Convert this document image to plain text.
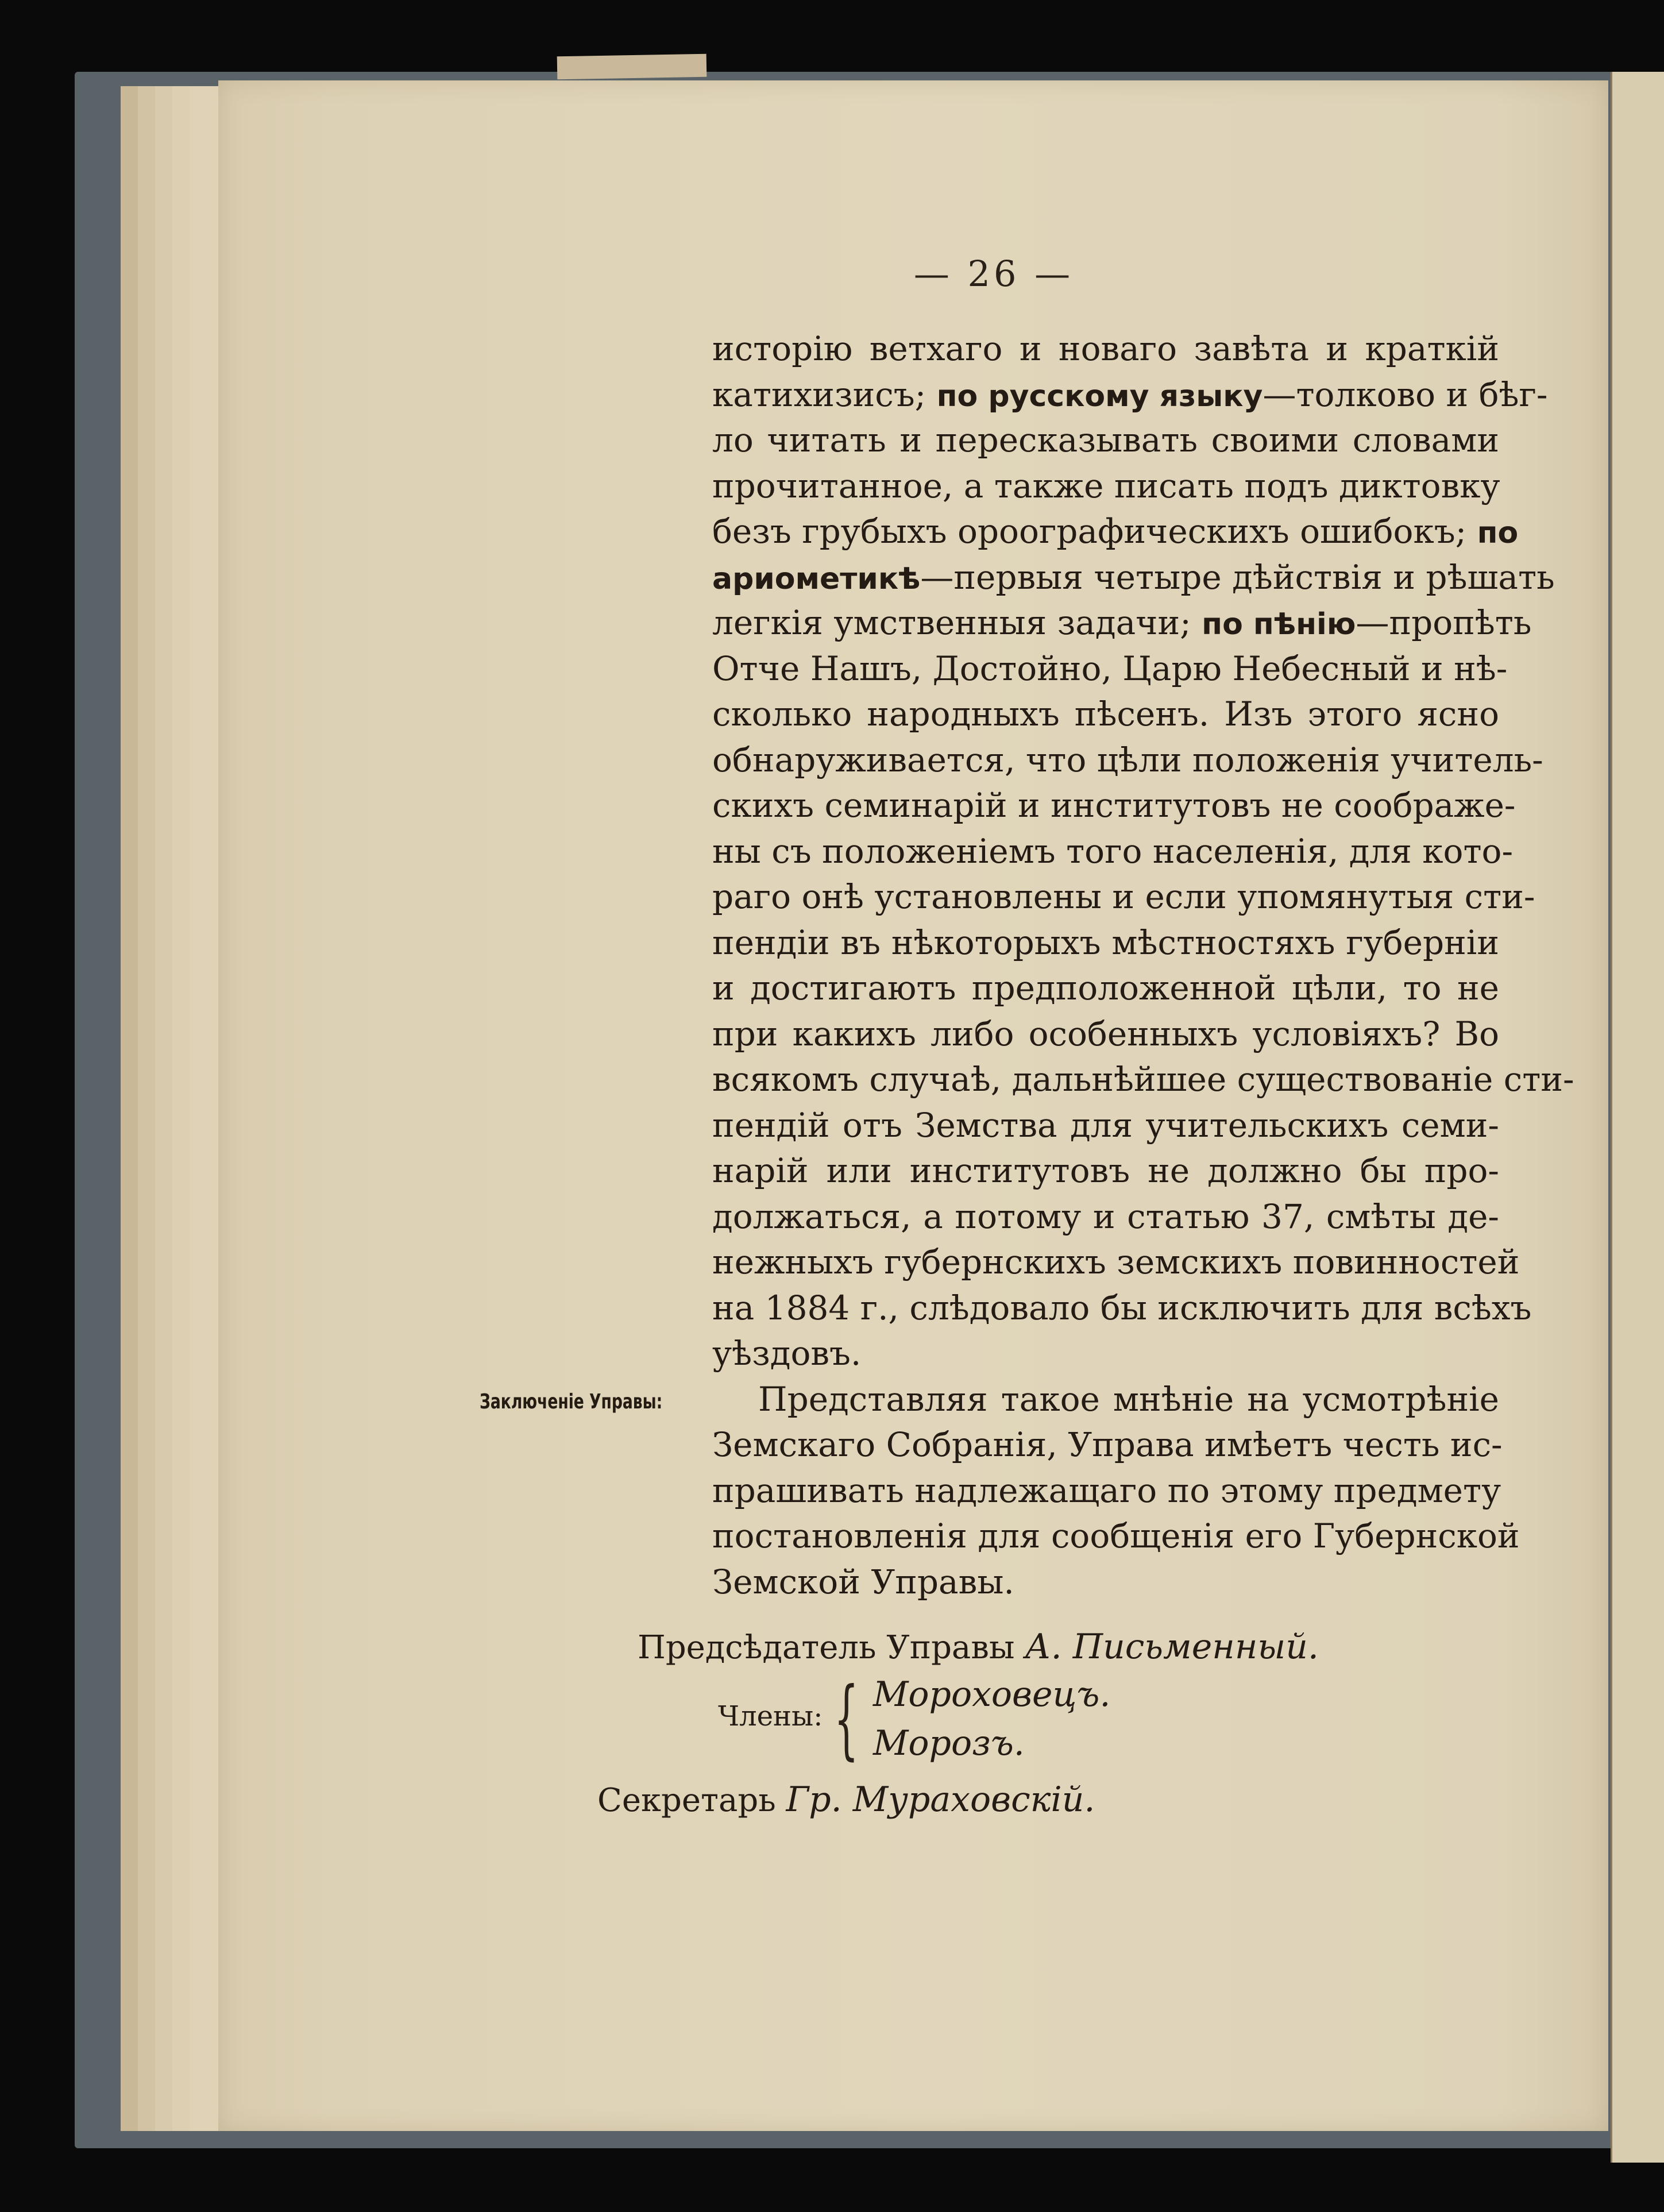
— 26 —
исторію ветхаго и новаго завѣта и краткій
катихизисъ; по русскому языку—толково и бѣг-
ло читать и пересказывать своими словами
прочитанное, а также писать подъ диктовку
безъ грубыхъ ороографическихъ ошибокъ; по
ариометикѣ—первыя четыре дѣйствія и рѣшать
легкія умственныя задачи; по пѣнію—пропѣть
Отче Нашъ, Достойно, Царю Небесный и нѣ-
сколько народныхъ пѣсенъ. Изъ этого ясно
обнаруживается, что цѣли положенія учитель-
скихъ семинарій и институтовъ не соображе-
ны съ положеніемъ того населенія, для кото-
раго онѣ установлены и если упомянутыя сти-
пендіи въ нѣкоторыхъ мѣстностяхъ губерніи
и достигаютъ предположенной цѣли, то не
при какихъ либо особенныхъ условіяхъ? Во
всякомъ случаѣ, дальнѣйшее существованіе сти-
пендій отъ Земства для учительскихъ семи-
нарій или институтовъ не должно бы про-
должаться, а потому и статью 37, смѣты де-
нежныхъ губернскихъ земскихъ повинностей
на 1884 г., слѣдовало бы исключить для всѣхъ
уѣздовъ.
Представляя такое мнѣніе на усмотрѣніе
Земскаго Собранія, Управа имѣетъ честь ис-
прашивать надлежащаго по этому предмету
постановленія для сообщенія его Губернской
Земской Управы.
Заключеніе Управы:
Предсѣдатель Управы А. Письменный.
Члены: { Мороховецъ.
Морозъ.
Секретарь Гр. Мураховскій.
